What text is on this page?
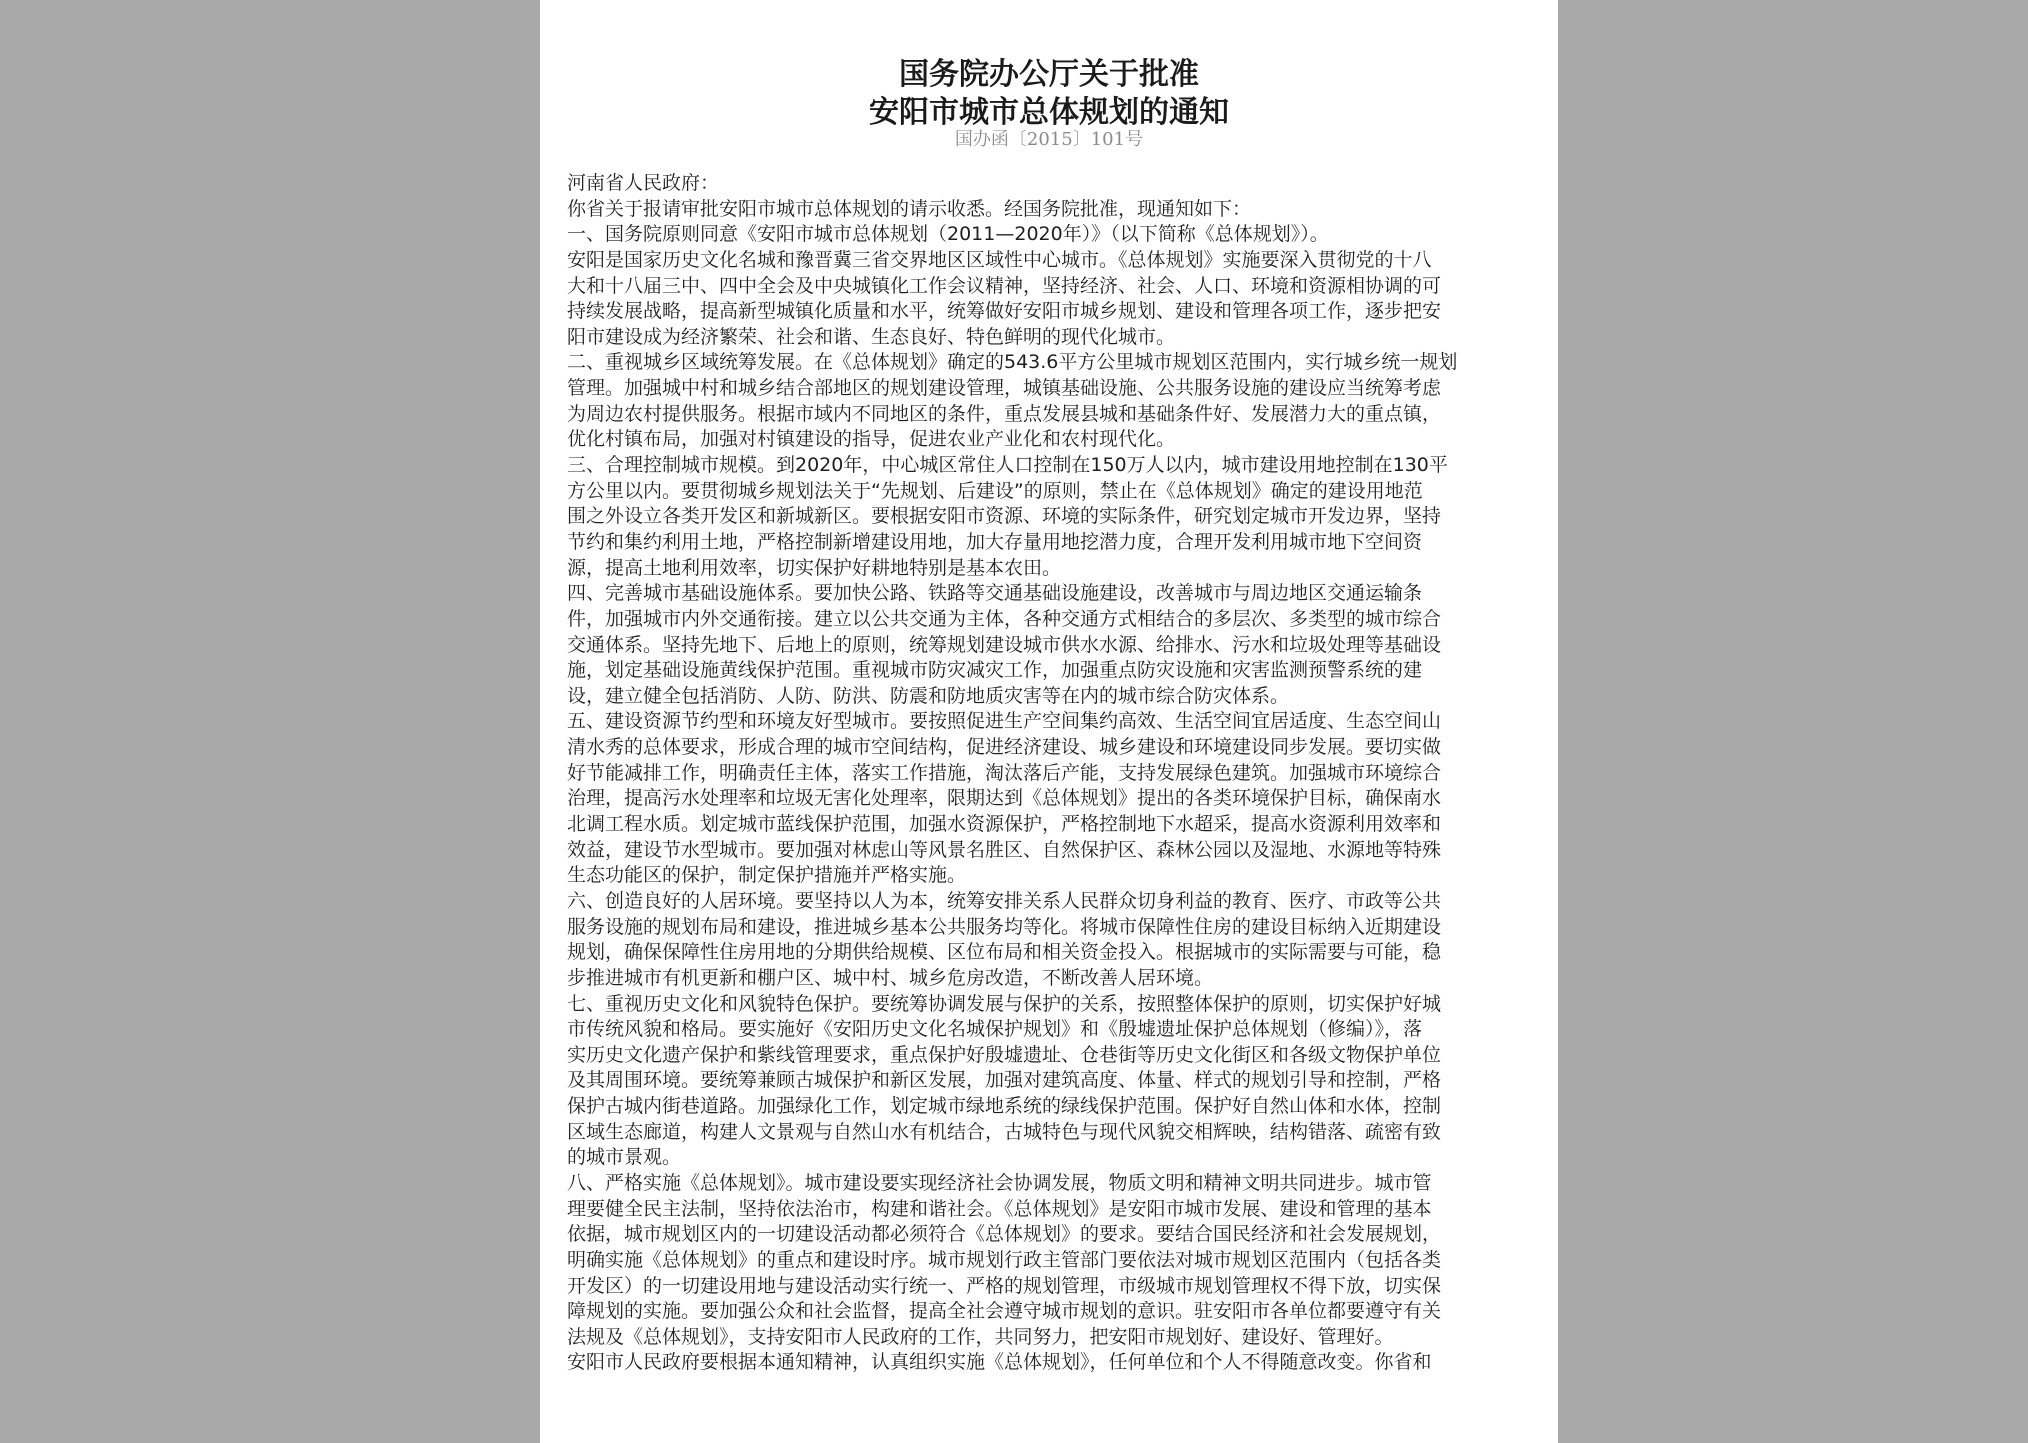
国务院办公厅关于批准
安阳市城市总体规划的通知
国办函〔2015〕101号
河南省人民政府：
你省关于报请审批安阳市城市总体规划的请示收悉。经国务院批准，现通知如下：
一、国务院原则同意《安阳市城市总体规划（2011—2020年）》（以下简称《总体规划》）。
安阳是国家历史文化名城和豫晋冀三省交界地区区域性中心城市。《总体规划》实施要深入贯彻党的十八
大和十八届三中、四中全会及中央城镇化工作会议精神，坚持经济、社会、人口、环境和资源相协调的可
持续发展战略，提高新型城镇化质量和水平，统筹做好安阳市城乡规划、建设和管理各项工作，逐步把安
阳市建设成为经济繁荣、社会和谐、生态良好、特色鲜明的现代化城市。
二、重视城乡区域统筹发展。在《总体规划》确定的543.6平方公里城市规划区范围内，实行城乡统一规划
管理。加强城中村和城乡结合部地区的规划建设管理，城镇基础设施、公共服务设施的建设应当统筹考虑
为周边农村提供服务。根据市域内不同地区的条件，重点发展县城和基础条件好、发展潜力大的重点镇，
优化村镇布局，加强对村镇建设的指导，促进农业产业化和农村现代化。
三、合理控制城市规模。到2020年，中心城区常住人口控制在150万人以内，城市建设用地控制在130平
方公里以内。要贯彻城乡规划法关于“先规划、后建设”的原则，禁止在《总体规划》确定的建设用地范
围之外设立各类开发区和新城新区。要根据安阳市资源、环境的实际条件，研究划定城市开发边界，坚持
节约和集约利用土地，严格控制新增建设用地，加大存量用地挖潜力度，合理开发利用城市地下空间资
源，提高土地利用效率，切实保护好耕地特别是基本农田。
四、完善城市基础设施体系。要加快公路、铁路等交通基础设施建设，改善城市与周边地区交通运输条
件，加强城市内外交通衔接。建立以公共交通为主体，各种交通方式相结合的多层次、多类型的城市综合
交通体系。坚持先地下、后地上的原则，统筹规划建设城市供水水源、给排水、污水和垃圾处理等基础设
施，划定基础设施黄线保护范围。重视城市防灾减灾工作，加强重点防灾设施和灾害监测预警系统的建
设，建立健全包括消防、人防、防洪、防震和防地质灾害等在内的城市综合防灾体系。
五、建设资源节约型和环境友好型城市。要按照促进生产空间集约高效、生活空间宜居适度、生态空间山
清水秀的总体要求，形成合理的城市空间结构，促进经济建设、城乡建设和环境建设同步发展。要切实做
好节能减排工作，明确责任主体，落实工作措施，淘汰落后产能，支持发展绿色建筑。加强城市环境综合
治理，提高污水处理率和垃圾无害化处理率，限期达到《总体规划》提出的各类环境保护目标，确保南水
北调工程水质。划定城市蓝线保护范围，加强水资源保护，严格控制地下水超采，提高水资源利用效率和
效益，建设节水型城市。要加强对林虑山等风景名胜区、自然保护区、森林公园以及湿地、水源地等特殊
生态功能区的保护，制定保护措施并严格实施。
六、创造良好的人居环境。要坚持以人为本，统筹安排关系人民群众切身利益的教育、医疗、市政等公共
服务设施的规划布局和建设，推进城乡基本公共服务均等化。将城市保障性住房的建设目标纳入近期建设
规划，确保保障性住房用地的分期供给规模、区位布局和相关资金投入。根据城市的实际需要与可能，稳
步推进城市有机更新和棚户区、城中村、城乡危房改造，不断改善人居环境。
七、重视历史文化和风貌特色保护。要统筹协调发展与保护的关系，按照整体保护的原则，切实保护好城
市传统风貌和格局。要实施好《安阳历史文化名城保护规划》和《殷墟遗址保护总体规划（修编）》，落
实历史文化遗产保护和紫线管理要求，重点保护好殷墟遗址、仓巷街等历史文化街区和各级文物保护单位
及其周围环境。要统筹兼顾古城保护和新区发展，加强对建筑高度、体量、样式的规划引导和控制，严格
保护古城内街巷道路。加强绿化工作，划定城市绿地系统的绿线保护范围。保护好自然山体和水体，控制
区域生态廊道，构建人文景观与自然山水有机结合，古城特色与现代风貌交相辉映，结构错落、疏密有致
的城市景观。
八、严格实施《总体规划》。城市建设要实现经济社会协调发展，物质文明和精神文明共同进步。城市管
理要健全民主法制，坚持依法治市，构建和谐社会。《总体规划》是安阳市城市发展、建设和管理的基本
依据，城市规划区内的一切建设活动都必须符合《总体规划》的要求。要结合国民经济和社会发展规划，
明确实施《总体规划》的重点和建设时序。城市规划行政主管部门要依法对城市规划区范围内（包括各类
开发区）的一切建设用地与建设活动实行统一、严格的规划管理，市级城市规划管理权不得下放，切实保
障规划的实施。要加强公众和社会监督，提高全社会遵守城市规划的意识。驻安阳市各单位都要遵守有关
法规及《总体规划》，支持安阳市人民政府的工作，共同努力，把安阳市规划好、建设好、管理好。
安阳市人民政府要根据本通知精神，认真组织实施《总体规划》，任何单位和个人不得随意改变。你省和
